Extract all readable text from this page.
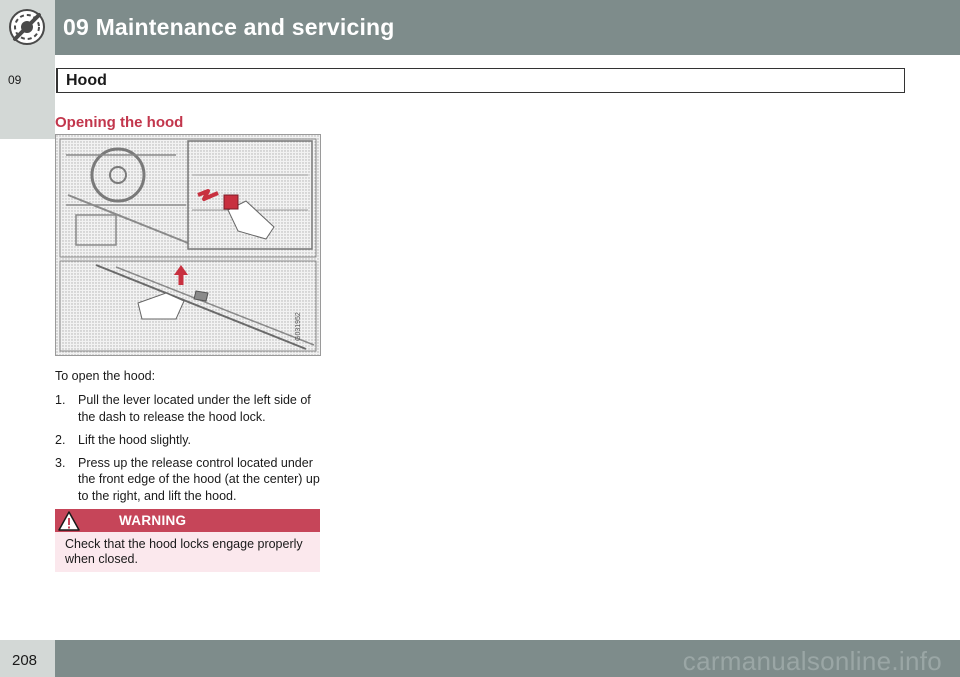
09 Maintenance and servicing
09	Hood
Opening the hood
G031952
To open the hood:
1. Pull the lever located under the left side of the dash to release the hood lock.
2. Lift the hood slightly.
3. Press up the release control located under the front edge of the hood (at the center) up to the right, and lift the hood.
WARNING
Check that the hood locks engage properly when closed.
208	carmanualsonline.info
